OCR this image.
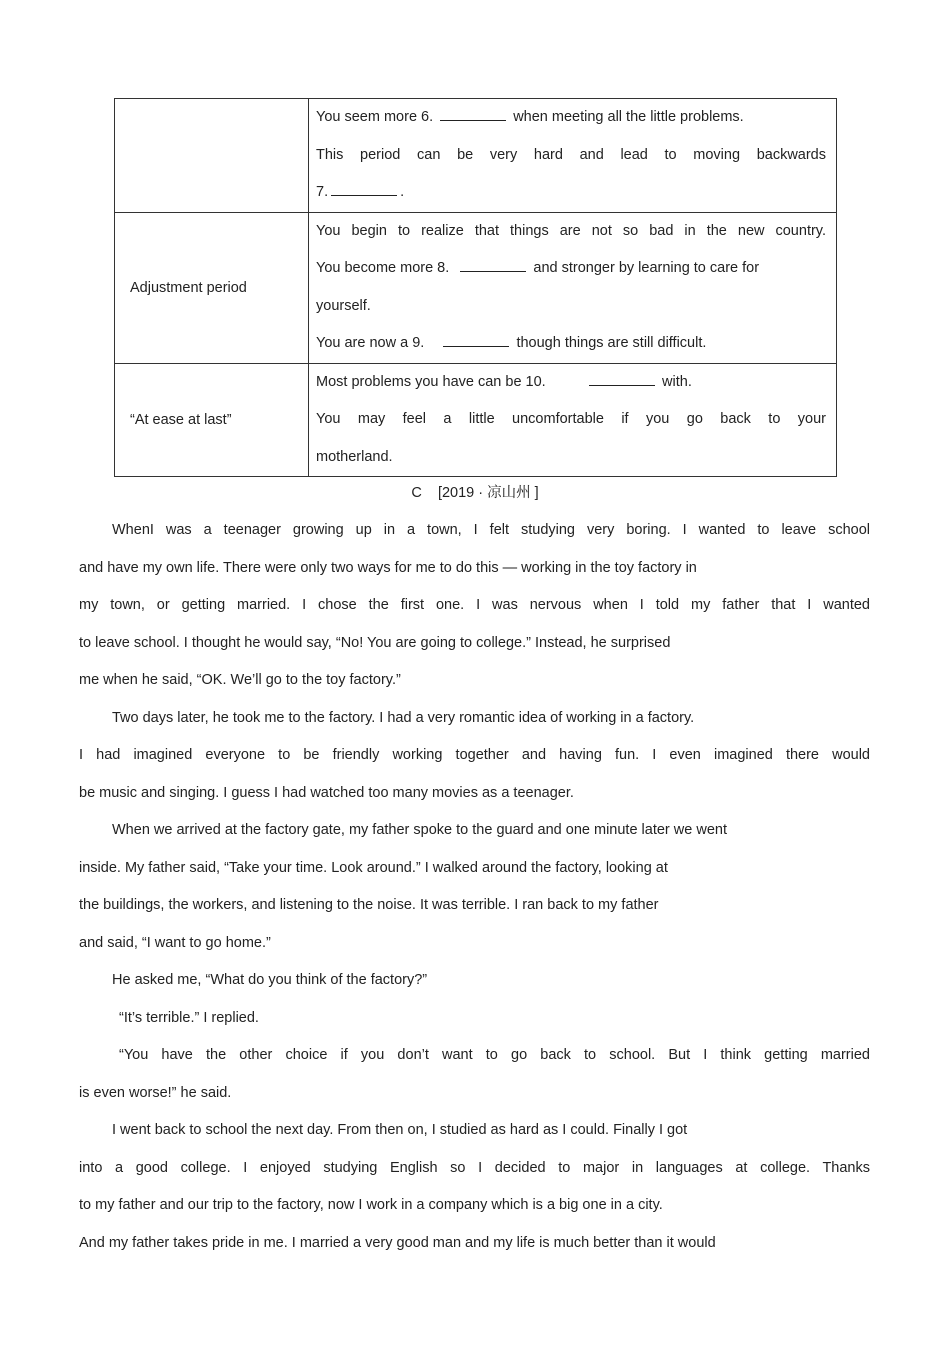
	You seem more 6. when meeting all the little problems.
This period can be very hard and lead to moving backwards
7. .

Adjustment period	You begin to realize that things are not so bad in the new country.
You become more 8. and stronger by learning to care for
yourself.
You are now a 9. though things are still difficult.

“At ease at last”	Most problems you have can be 10. with.
You may feel a little uncomfortable if you go back to your
motherland.
C [2019 · 凉山州 ]
WhenI was a teenager growing up in a town, I felt studying very boring. I wanted to leave school
and have my own life. There were only two ways for me to do this — working in the toy factory in
my town, or getting married. I chose the first one. I was nervous when I told my father that I wanted
to leave school. I thought he would say, “No! You are going to college.” Instead, he surprised
me when he said, “OK. We’ll go to the toy factory.”
Two days later, he took me to the factory. I had a very romantic idea of working in a factory.
I had imagined everyone to be friendly working together and having fun. I even imagined there would
be music and singing. I guess I had watched too many movies as a teenager.
When we arrived at the factory gate, my father spoke to the guard and one minute later we went
inside. My father said, “Take your time. Look around.” I walked around the factory, looking at
the buildings, the workers, and listening to the noise. It was terrible. I ran back to my father
and said, “I want to go home.”
He asked me, “What do you think of the factory?”
“It’s terrible.” I replied.
“You have the other choice if you don’t want to go back to school. But I think getting married
is even worse!” he said.
I went back to school the next day. From then on, I studied as hard as I could. Finally I got
into a good college. I enjoyed studying English so I decided to major in languages at college. Thanks
to my father and our trip to the factory, now I work in a company which is a big one in a city.
And my father takes pride in me. I married a very good man and my life is much better than it would
